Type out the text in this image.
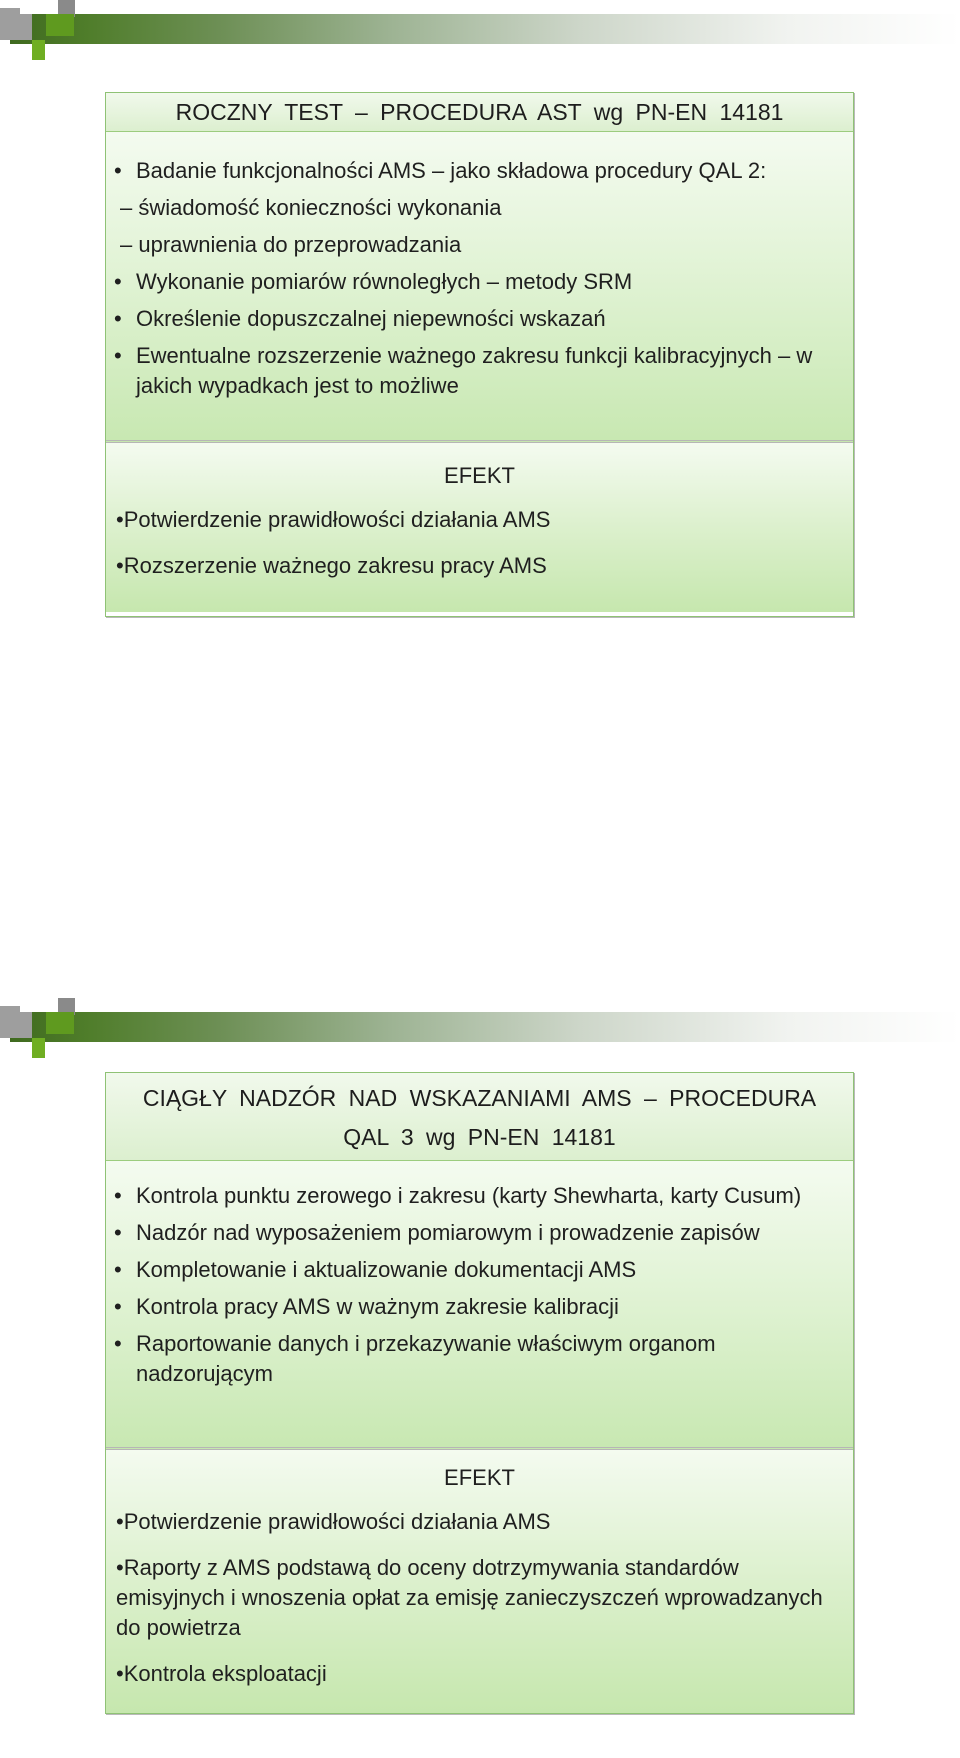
ROCZNY TEST – PROCEDURA AST wg PN-EN 14181

• Badanie funkcjonalności AMS – jako składowa procedury QAL 2:

– świadomość konieczności wykonania

– uprawnienia do przeprowadzania

• Wykonanie pomiarów równoległych – metody SRM

• Określenie dopuszczalnej niepewności wskazań

• Ewentualne rozszerzenie ważnego zakresu funkcji kalibracyjnych – w jakich wypadkach jest to możliwe

EFEKT

•Potwierdzenie prawidłowości działania AMS

•Rozszerzenie ważnego zakresu pracy AMS

CIĄGŁY NADZÓR NAD WSKAZANIAMI AMS – PROCEDURA
QAL 3 wg PN-EN 14181

• Kontrola punktu zerowego i zakresu (karty Shewharta, karty Cusum)

• Nadzór nad wyposażeniem pomiarowym i prowadzenie zapisów

• Kompletowanie i aktualizowanie dokumentacji AMS

• Kontrola pracy AMS w ważnym zakresie kalibracji

• Raportowanie danych i przekazywanie właściwym organom nadzorującym

EFEKT

•Potwierdzenie prawidłowości działania AMS

•Raporty z AMS podstawą do oceny dotrzymywania standardów emisyjnych i wnoszenia opłat za emisję zanieczyszczeń wprowadzanych do powietrza

•Kontrola eksploatacji
